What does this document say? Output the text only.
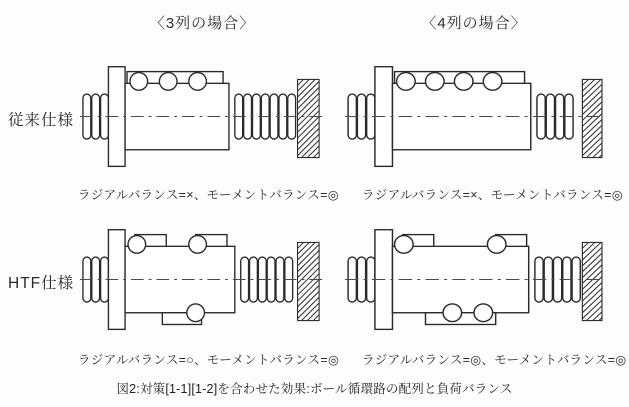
〈3列の場合〉	〈4列の場合〉
従来仕様
HTF仕様
ラジアルバランス=×、モーメントバランス=◎ ラジアルバランス=×、モーメントバランス=◎
ラジアルバランス=○、モーメントバランス=◎ ラジアルバランス=◎、モーメントバランス=◎
図2:対策[1-1][1-2]を合わせた効果:ボール循環路の配列と負荷バランス
